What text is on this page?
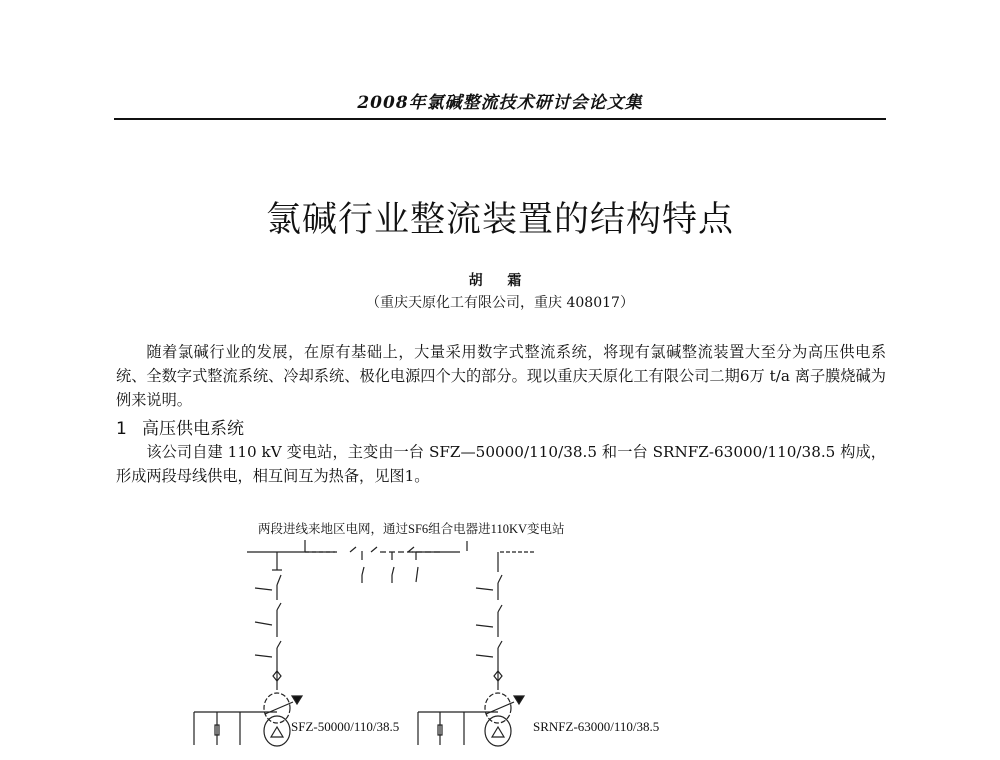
2008年氯碱整流技术研讨会论文集
氯碱行业整流装置的结构特点
胡 霜
（重庆天原化工有限公司，重庆 408017）

随着氯碱行业的发展，在原有基础上，大量采用数字式整流系统，将现有氯碱整流装置大至分为高压供电系统、全数字式整流系统、冷却系统、极化电源四个大的部分。现以重庆天原化工有限公司二期6万 t/a 离子膜烧碱为例来说明。

1 高压供电系统

该公司自建 110 kV 变电站，主变由一台 SFZ—50000/110/38.5 和一台 SRNFZ-63000/110/38.5 构成，形成两段母线供电，相互间互为热备，见图1。

两段进线来地区电网，通过SF6组合电器进110KV变电站
SFZ-50000/110/38.5	SRNFZ-63000/110/38.5
